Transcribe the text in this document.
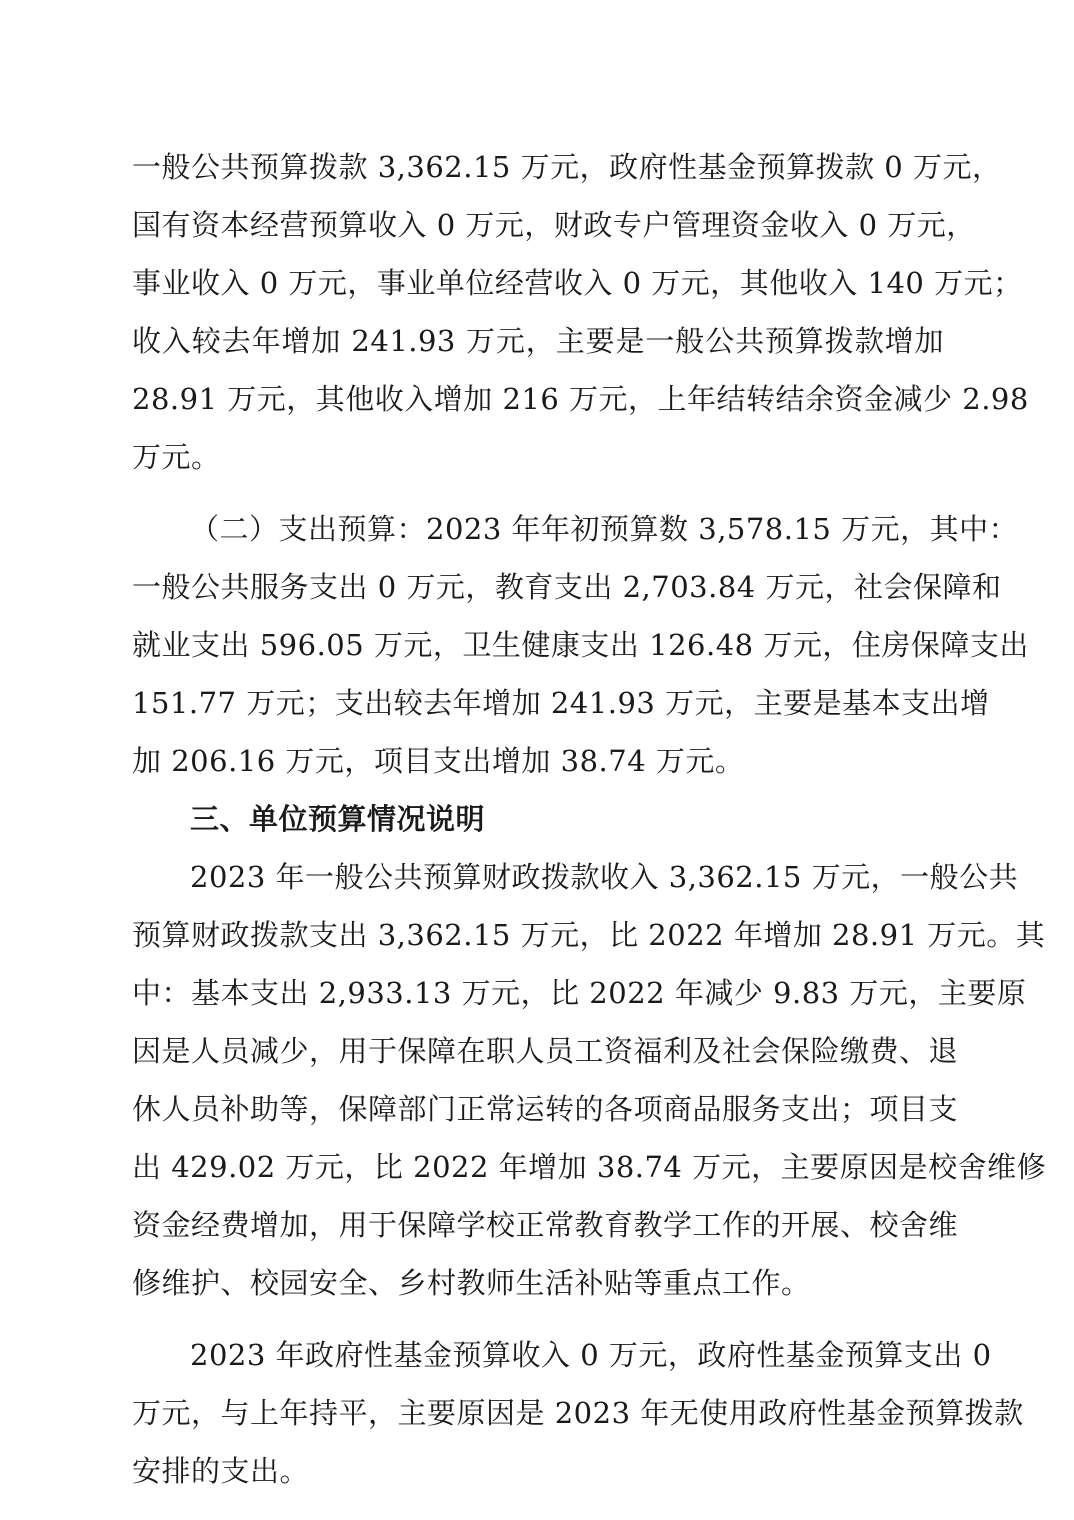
一般公共预算拨款 3,362.15 万元，政府性基金预算拨款 0 万元，
国有资本经营预算收入 0 万元，财政专户管理资金收入 0 万元，
事业收入 0 万元，事业单位经营收入 0 万元，其他收入 140 万元；
收入较去年增加 241.93 万元，主要是一般公共预算拨款增加
28.91 万元，其他收入增加 216 万元，上年结转结余资金减少 2.98
万元。
（二）支出预算：2023 年年初预算数 3,578.15 万元，其中：
一般公共服务支出 0 万元，教育支出 2,703.84 万元，社会保障和
就业支出 596.05 万元，卫生健康支出 126.48 万元，住房保障支出
151.77 万元；支出较去年增加 241.93 万元，主要是基本支出增
加 206.16 万元，项目支出增加 38.74 万元。
三、单位预算情况说明
2023 年一般公共预算财政拨款收入 3,362.15 万元，一般公共
预算财政拨款支出 3,362.15 万元，比 2022 年增加 28.91 万元。其
中：基本支出 2,933.13 万元，比 2022 年减少 9.83 万元，主要原
因是人员减少，用于保障在职人员工资福利及社会保险缴费、退
休人员补助等，保障部门正常运转的各项商品服务支出；项目支
出 429.02 万元，比 2022 年增加 38.74 万元，主要原因是校舍维修
资金经费增加，用于保障学校正常教育教学工作的开展、校舍维
修维护、校园安全、乡村教师生活补贴等重点工作。
2023 年政府性基金预算收入 0 万元，政府性基金预算支出 0
万元，与上年持平，主要原因是 2023 年无使用政府性基金预算拨款
安排的支出。
